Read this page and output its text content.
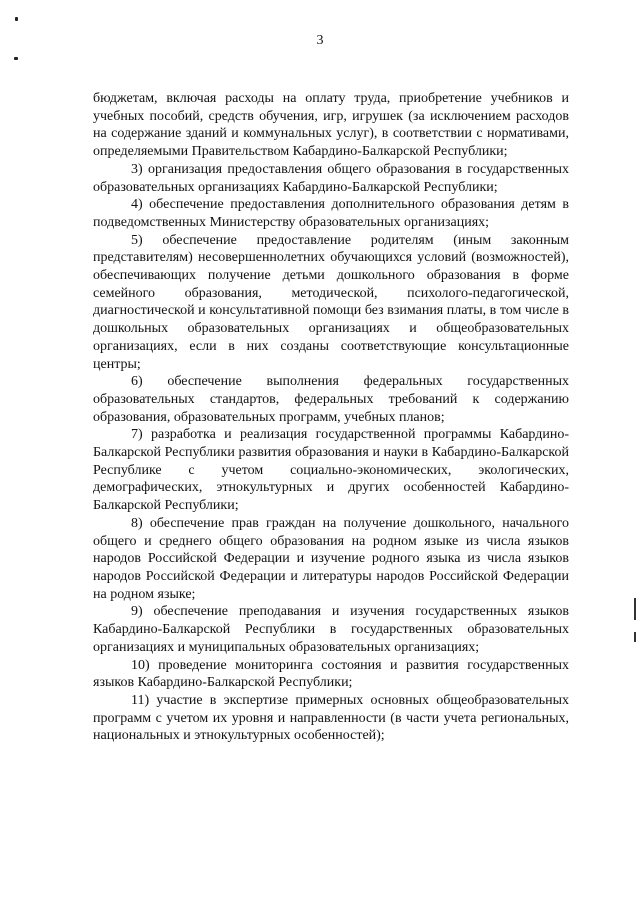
3

бюджетам, включая расходы на оплату труда, приобретение учебников и учебных пособий, средств обучения, игр, игрушек (за исключением расходов на содержание зданий и коммунальных услуг), в соответствии с нормативами, определяемыми Правительством Кабардино-Балкарской Республики;

3) организация предоставления общего образования в государственных образовательных организациях Кабардино-Балкарской Республики;

4) обеспечение предоставления дополнительного образования детям в подведомственных Министерству образовательных организациях;

5) обеспечение предоставление родителям (иным законным представителям) несовершеннолетних обучающихся условий (возможностей), обеспечивающих получение детьми дошкольного образования в форме семейного образования, методической, психолого-педагогической, диагностической и консультативной помощи без взимания платы, в том числе в дошкольных образовательных организациях и общеобразовательных организациях, если в них созданы соответствующие консультационные центры;

6) обеспечение выполнения федеральных государственных образовательных стандартов, федеральных требований к содержанию образования, образовательных программ, учебных планов;

7) разработка и реализация государственной программы Кабардино-Балкарской Республики развития образования и науки в Кабардино-Балкарской Республике с учетом социально-экономических, экологических, демографических, этнокультурных и других особенностей Кабардино-Балкарской Республики;

8) обеспечение прав граждан на получение дошкольного, начального общего и среднего общего образования на родном языке из числа языков народов Российской Федерации и изучение родного языка из числа языков народов Российской Федерации и литературы народов Российской Федерации на родном языке;

9) обеспечение преподавания и изучения государственных языков Кабардино-Балкарской Республики в государственных образовательных организациях и муниципальных образовательных организациях;

10) проведение мониторинга состояния и развития государственных языков Кабардино-Балкарской Республики;

11) участие в экспертизе примерных основных общеобразовательных программ с учетом их уровня и направленности (в части учета региональных, национальных и этнокультурных особенностей);
